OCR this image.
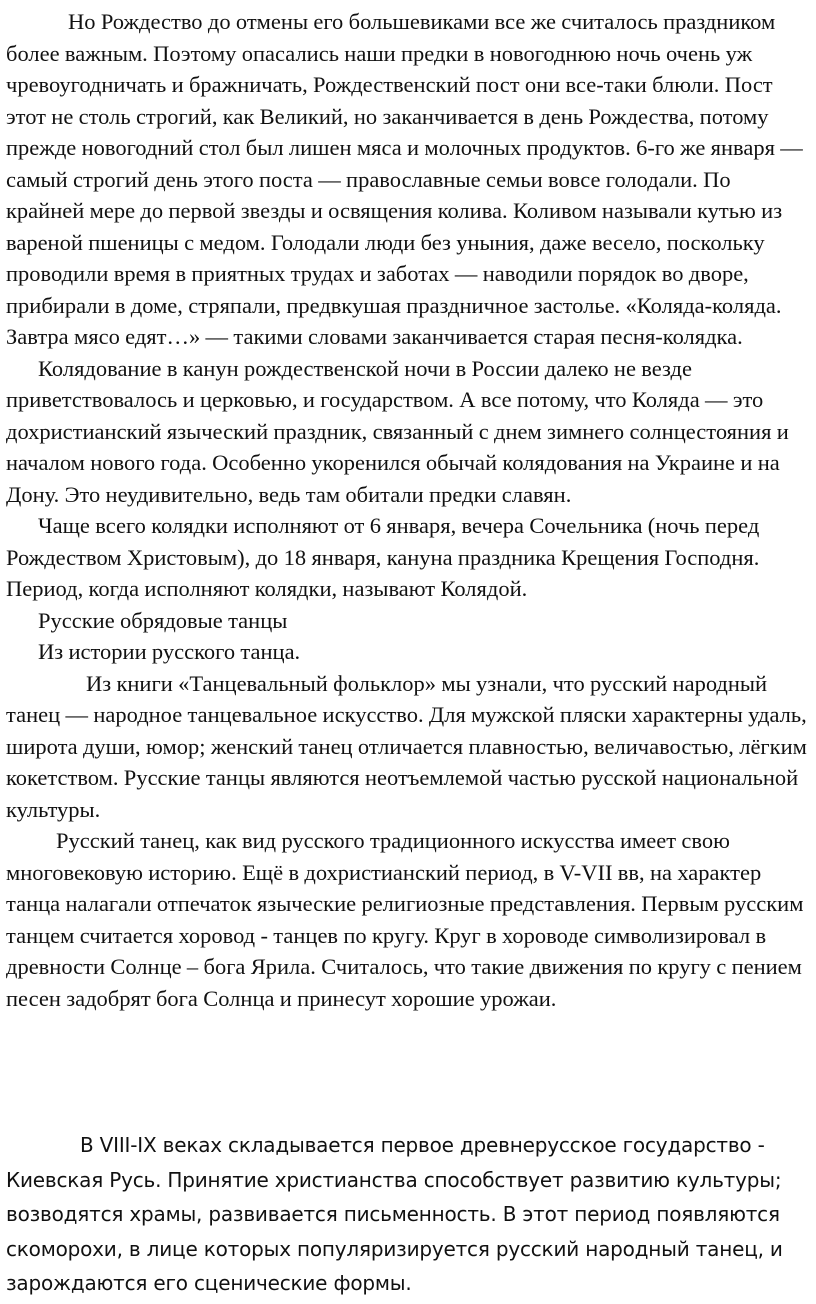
Но Рождество до отмены его большевиками все же считалось праздником более важным. Поэтому опасались наши предки в новогоднюю ночь очень уж чревоугодничать и бражничать, Рождественский пост они все-таки блюли. Пост этот не столь строгий, как Великий, но заканчивается в день Рождества, потому прежде новогодний стол был лишен мяса и молочных продуктов. 6-го же января — самый строгий день этого поста — православные семьи вовсе голодали. По крайней мере до первой звезды и освящения колива. Коливом называли кутью из вареной пшеницы с медом. Голодали люди без уныния, даже весело, поскольку проводили время в приятных трудах и заботах — наводили порядок во дворе, прибирали в доме, стряпали, предвкушая праздничное застолье. «Коляда-коляда. Завтра мясо едят…» — такими словами заканчивается старая песня-колядка.

Колядование в канун рождественской ночи в России далеко не везде приветствовалось и церковью, и государством. А все потому, что Коляда — это дохристианский языческий праздник, связанный с днем зимнего солнцестояния и началом нового года. Особенно укоренился обычай колядования на Украине и на Дону. Это неудивительно, ведь там обитали предки славян.

Чаще всего колядки исполняют от 6 января, вечера Сочельника (ночь перед Рождеством Христовым), до 18 января, кануна праздника Крещения Господня. Период, когда исполняют колядки, называют Колядой.

Русские обрядовые танцы

Из истории русского танца.

Из книги «Танцевальный фольклор» мы узнали, что русский народный танец — народное танцевальное искусство. Для мужской пляски характерны удаль, широта души, юмор; женский танец отличается плавностью, величавостью, лёгким кокетством. Русские танцы являются неотъемлемой частью русской национальной культуры.

Русский танец, как вид русского традиционного искусства имеет свою многовековую историю. Ещё в дохристианский период, в V-VII вв, на характер танца налагали отпечаток языческие религиозные представления. Первым русским танцем считается хоровод - танцев по кругу. Круг в хороводе символизировал в древности Солнце – бога Ярила. Считалось, что такие движения по кругу с пением песен задобрят бога Солнца и принесут хорошие урожаи.

В VIII-IX веках складывается первое древнерусское государство - Киевская Русь. Принятие христианства способствует развитию культуры; возводятся храмы, развивается письменность. В этот период появляются скоморохи, в лице которых популяризируется русский народный танец, и зарождаются его сценические формы.
